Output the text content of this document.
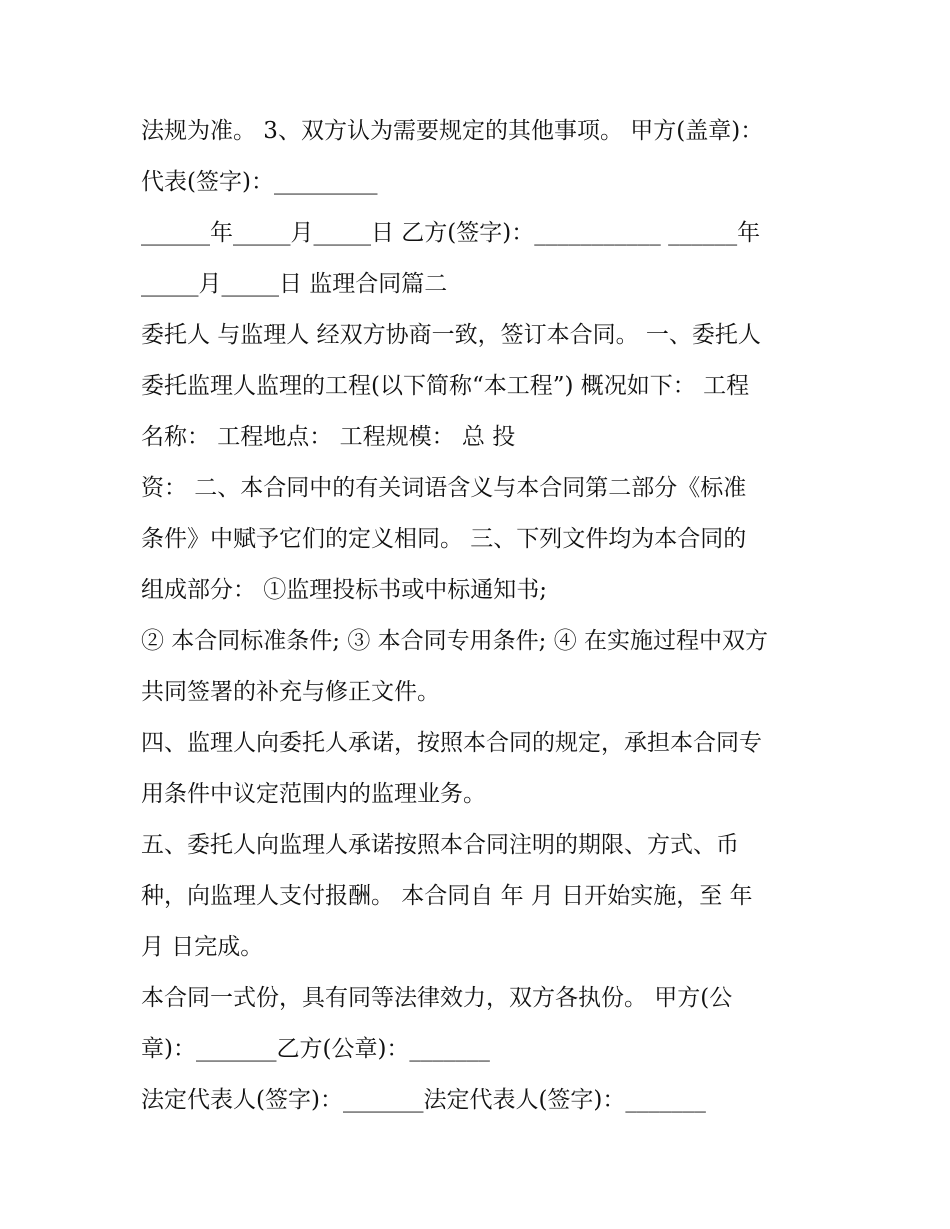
法规为准。 3、双方认为需要规定的其他事项。 甲方(盖章)：
代表(签字)：_________
______年_____月_____日 乙方(签字)：___________ ______年
_____月_____日 监理合同篇二
委托人 与监理人 经双方协商一致，签订本合同。 一、委托人
委托监理人监理的工程(以下简称“本工程”) 概况如下： 工程
名称： 工程地点： 工程规模： 总 投
资： 二、本合同中的有关词语含义与本合同第二部分《标准
条件》中赋予它们的定义相同。 三、下列文件均为本合同的
组成部分： ①监理投标书或中标通知书;
② 本合同标准条件; ③ 本合同专用条件; ④ 在实施过程中双方
共同签署的补充与修正文件。
四、监理人向委托人承诺，按照本合同的规定，承担本合同专
用条件中议定范围内的监理业务。
五、委托人向监理人承诺按照本合同注明的期限、方式、币
种，向监理人支付报酬。 本合同自 年 月 日开始实施，至 年
月 日完成。
本合同一式份，具有同等法律效力，双方各执份。 甲方(公
章)：_______乙方(公章)：_______
法定代表人(签字)：_______法定代表人(签字)：_______
